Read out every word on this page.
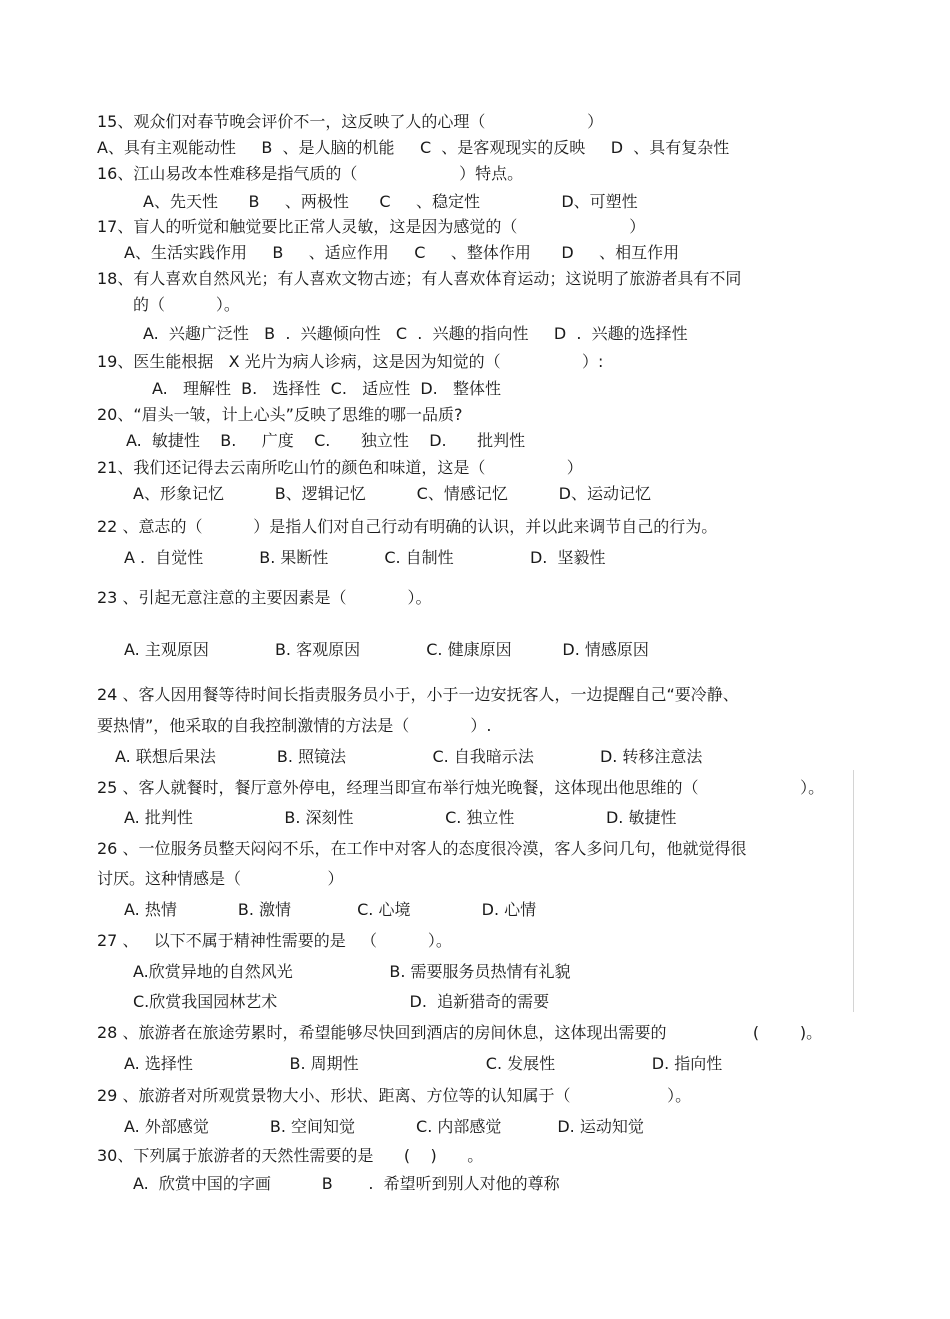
15、观众们对春节晚会评价不一，这反映了人的心理（                    ）
A、具有主观能动性     B  、是人脑的机能     C  、是客观现实的反映     D  、具有复杂性
16、江山易改本性难移是指气质的（                    ）特点。
A、先天性      B     、两极性      C     、稳定性                D、可塑性
17、盲人的听觉和触觉要比正常人灵敏，这是因为感觉的（                      ）
A、生活实践作用     B     、适应作用     C     、整体作用      D     、相互作用
18、有人喜欢自然风光；有人喜欢文物古迹；有人喜欢体育运动；这说明了旅游者具有不同
的（          ）。
A.  兴趣广泛性   B  .  兴趣倾向性   C  .  兴趣的指向性     D  .  兴趣的选择性
19、医生能根据   X 光片为病人诊病，这是因为知觉的（                ）:
A.   理解性  B.   选择性  C.   适应性  D.   整体性
20、“眉头一皱，计上心头”反映了思维的哪一品质?
A.  敏捷性    B.     广度    C.      独立性    D.      批判性
21、我们还记得去云南所吃山竹的颜色和味道，这是（                ）
A、形象记忆          B、逻辑记忆          C、情感记忆          D、运动记忆
22 、意志的（          ）是指人们对自己行动有明确的认识，并以此来调节自己的行为。
A .  自觉性           B. 果断性           C. 自制性               D.  坚毅性
23 、引起无意注意的主要因素是（            ）。
A. 主观原因             B. 客观原因             C. 健康原因          D. 情感原因
24 、客人因用餐等待时间长指责服务员小于，小于一边安抚客人，一边提醒自己“要冷静、
要热情”，他采取的自我控制激情的方法是（            ）.
A. 联想后果法            B. 照镜法                 C. 自我暗示法             D. 转移注意法
25 、客人就餐时，餐厅意外停电，经理当即宣布举行烛光晚餐，这体现出他思维的（                    ）。
A. 批判性                  B. 深刻性                  C. 独立性                  D. 敏捷性
26 、一位服务员整天闷闷不乐，在工作中对客人的态度很冷漠，客人多问几句，他就觉得很
讨厌。这种情感是（                 ）
A. 热情            B. 激情             C. 心境              D. 心情
27 、   以下不属于精神性需要的是   （          ）。
A.欣赏异地的自然风光                   B. 需要服务员热情有礼貌
C.欣赏我国园林艺术                          D.  追新猎奇的需要
28 、旅游者在旅途劳累时，希望能够尽快回到酒店的房间休息，这体现出需要的                 (        )。
A. 选择性                   B. 周期性                         C. 发展性                   D. 指向性
29 、旅游者对所观赏景物大小、形状、距离、方位等的认知属于（                   ）。
A. 外部感觉            B. 空间知觉            C. 内部感觉           D. 运动知觉
30、下列属于旅游者的天然性需要的是      (    )      。
A.  欣赏中国的字画          B       .  希望听到别人对他的尊称
